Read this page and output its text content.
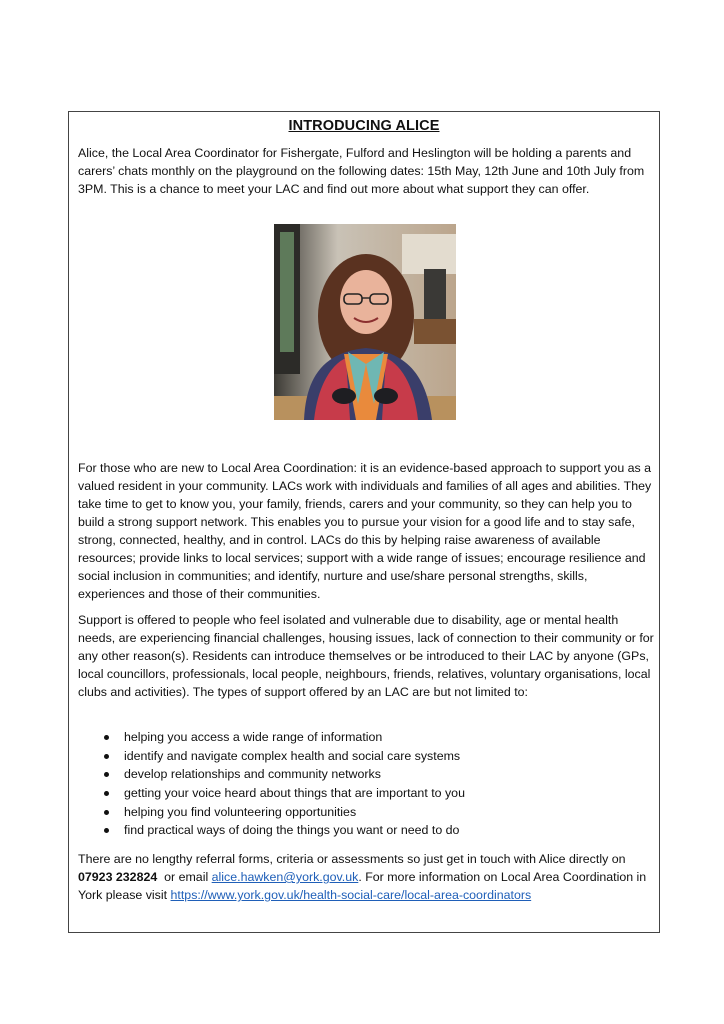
INTRODUCING ALICE

Alice, the Local Area Coordinator for Fishergate, Fulford and Heslington will be holding a parents and carers’ chats monthly on the playground on the following dates: 15th May, 12th June and 10th July from 3PM. This is a chance to meet your LAC and find out more about what support they can offer.

For those who are new to Local Area Coordination: it is an evidence-based approach to support you as a valued resident in your community. LACs work with individuals and families of all ages and abilities. They take time to get to know you, your family, friends, carers and your community, so they can help you to build a strong support network. This enables you to pursue your vision for a good life and to stay safe, strong, connected, healthy, and in control. LACs do this by helping raise awareness of available resources; provide links to local services; support with a wide range of issues; encourage resilience and social inclusion in communities; and identify, nurture and use/share personal strengths, skills, experiences and those of their communities.

Support is offered to people who feel isolated and vulnerable due to disability, age or mental health needs, are experiencing financial challenges, housing issues, lack of connection to their community or for any other reason(s). Residents can introduce themselves or be introduced to their LAC by anyone (GPs, local councillors, professionals, local people, neighbours, friends, relatives, voluntary organisations, local clubs and activities). The types of support offered by an LAC are but not limited to:

helping you access a wide range of information
identify and navigate complex health and social care systems
develop relationships and community networks
getting your voice heard about things that are important to you
helping you find volunteering opportunities
find practical ways of doing the things you want or need to do

There are no lengthy referral forms, criteria or assessments so just get in touch with Alice directly on 07923 232824  or email alice.hawken@york.gov.uk. For more information on Local Area Coordination in York please visit https://www.york.gov.uk/health-social-care/local-area-coordinators
